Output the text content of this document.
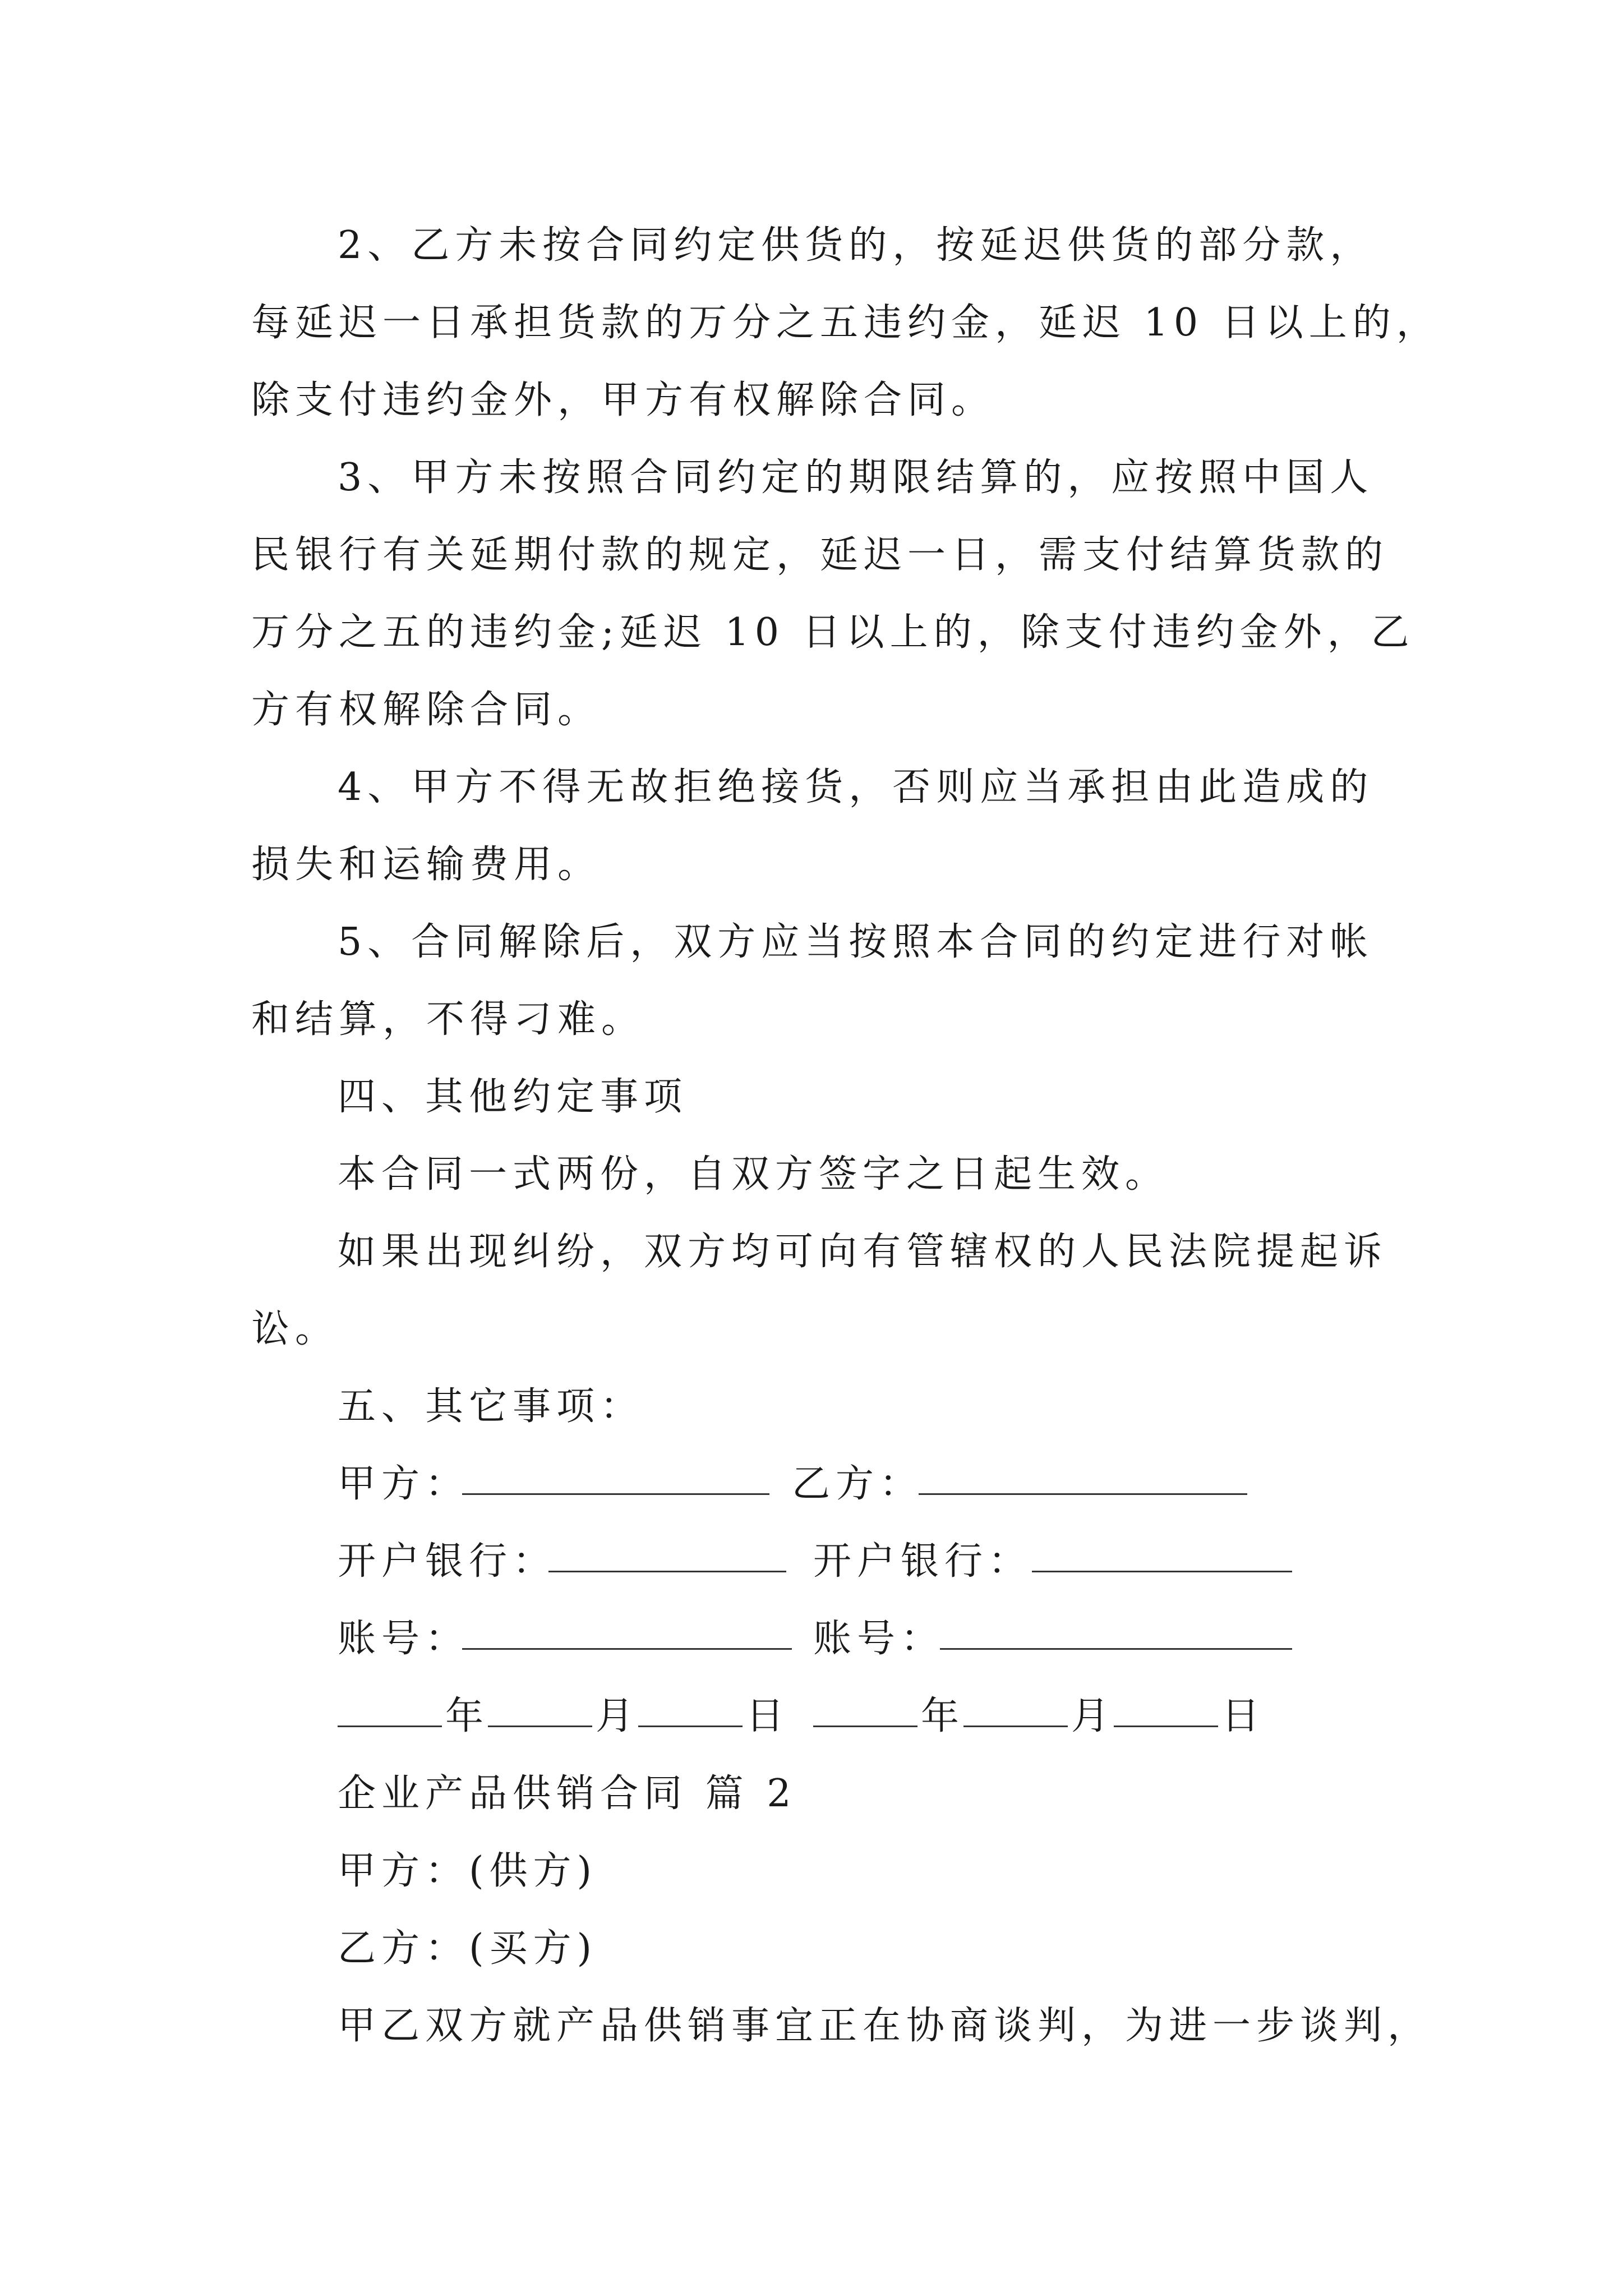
2、乙方未按合同约定供货的，按延迟供货的部分款，
每延迟一日承担货款的万分之五违约金，延迟 10 日以上的，
除支付违约金外，甲方有权解除合同。
3、甲方未按照合同约定的期限结算的，应按照中国人
民银行有关延期付款的规定，延迟一日，需支付结算货款的
万分之五的违约金;延迟 10 日以上的，除支付违约金外，乙
方有权解除合同。
4、甲方不得无故拒绝接货，否则应当承担由此造成的
损失和运输费用。
5、合同解除后，双方应当按照本合同的约定进行对帐
和结算，不得刁难。
四、其他约定事项
本合同一式两份，自双方签字之日起生效。
如果出现纠纷，双方均可向有管辖权的人民法院提起诉
讼。
五、其它事项：
甲方：	乙方：
开户银行：	开户银行：
账号：	账号：
年	月	日	年	月	日
企业产品供销合同 篇 2
甲方：(供方)
乙方：(买方)
甲乙双方就产品供销事宜正在协商谈判，为进一步谈判，
